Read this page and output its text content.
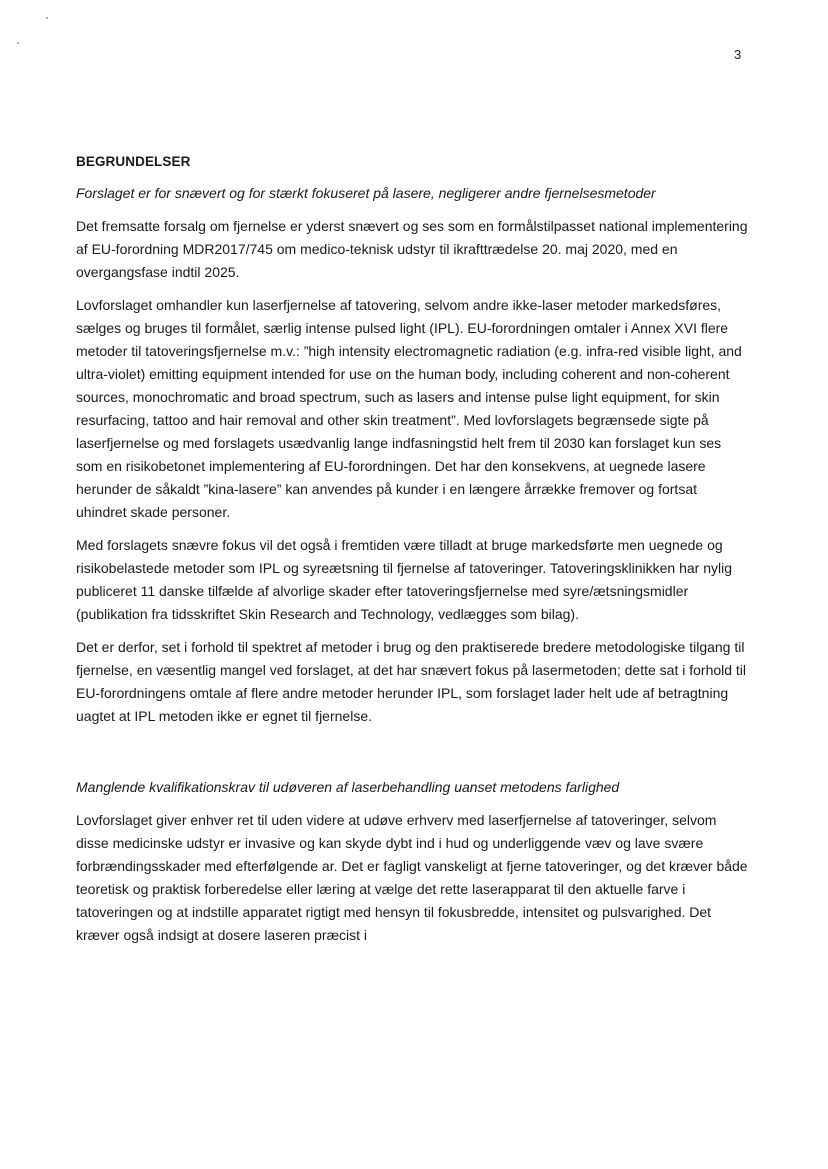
3
BEGRUNDELSER
Forslaget er for snævert og for stærkt fokuseret på lasere, negligerer andre fjernelsesmetoder

Det fremsatte forsalg om fjernelse er yderst snævert og ses som en formålstilpasset national implementering af EU-forordning MDR2017/745 om medico-teknisk udstyr til ikrafttrædelse 20. maj 2020, med en overgangsfase indtil 2025.

Lovforslaget omhandler kun laserfjernelse af tatovering, selvom andre ikke-laser metoder markedsføres, sælges og bruges til formålet, særlig intense pulsed light (IPL). EU-forordningen omtaler i Annex XVI flere metoder til tatoveringsfjernelse m.v.: ”high intensity electromagnetic radiation (e.g. infra-red visible light, and ultra-violet) emitting equipment intended for use on the human body, including coherent and non-coherent sources, monochromatic and broad spectrum, such as lasers and intense pulse light equipment, for skin resurfacing, tattoo and hair removal and other skin treatment”. Med lovforslagets begrænsede sigte på laserfjernelse og med forslagets usædvanlig lange indfasningstid helt frem til 2030 kan forslaget kun ses som en risikobetonet implementering af EU-forordningen. Det har den konsekvens, at uegnede lasere herunder de såkaldt ”kina-lasere” kan anvendes på kunder i en længere årrække fremover og fortsat uhindret skade personer.

Med forslagets snævre fokus vil det også i fremtiden være tilladt at bruge markedsførte men uegnede og risikobelastede metoder som IPL og syreætsning til fjernelse af tatoveringer. Tatoveringsklinikken har nylig publiceret 11 danske tilfælde af alvorlige skader efter tatoveringsfjernelse med syre/ætsningsmidler (publikation fra tidsskriftet Skin Research and Technology, vedlægges som bilag).

Det er derfor, set i forhold til spektret af metoder i brug og den praktiserede bredere metodologiske tilgang til fjernelse, en væsentlig mangel ved forslaget, at det har snævert fokus på lasermetoden; dette sat i forhold til EU-forordningens omtale af flere andre metoder herunder IPL, som forslaget lader helt ude af betragtning uagtet at IPL metoden ikke er egnet til fjernelse.

Manglende kvalifikationskrav til udøveren af laserbehandling uanset metodens farlighed

Lovforslaget giver enhver ret til uden videre at udøve erhverv med laserfjernelse af tatoveringer, selvom disse medicinske udstyr er invasive og kan skyde dybt ind i hud og underliggende væv og lave svære forbrændingsskader med efterfølgende ar. Det er fagligt vanskeligt at fjerne tatoveringer, og det kræver både teoretisk og praktisk forberedelse eller læring at vælge det rette laserapparat til den aktuelle farve i tatoveringen og at indstille apparatet rigtigt med hensyn til fokusbredde, intensitet og pulsvarighed. Det kræver også indsigt at dosere laseren præcist i
